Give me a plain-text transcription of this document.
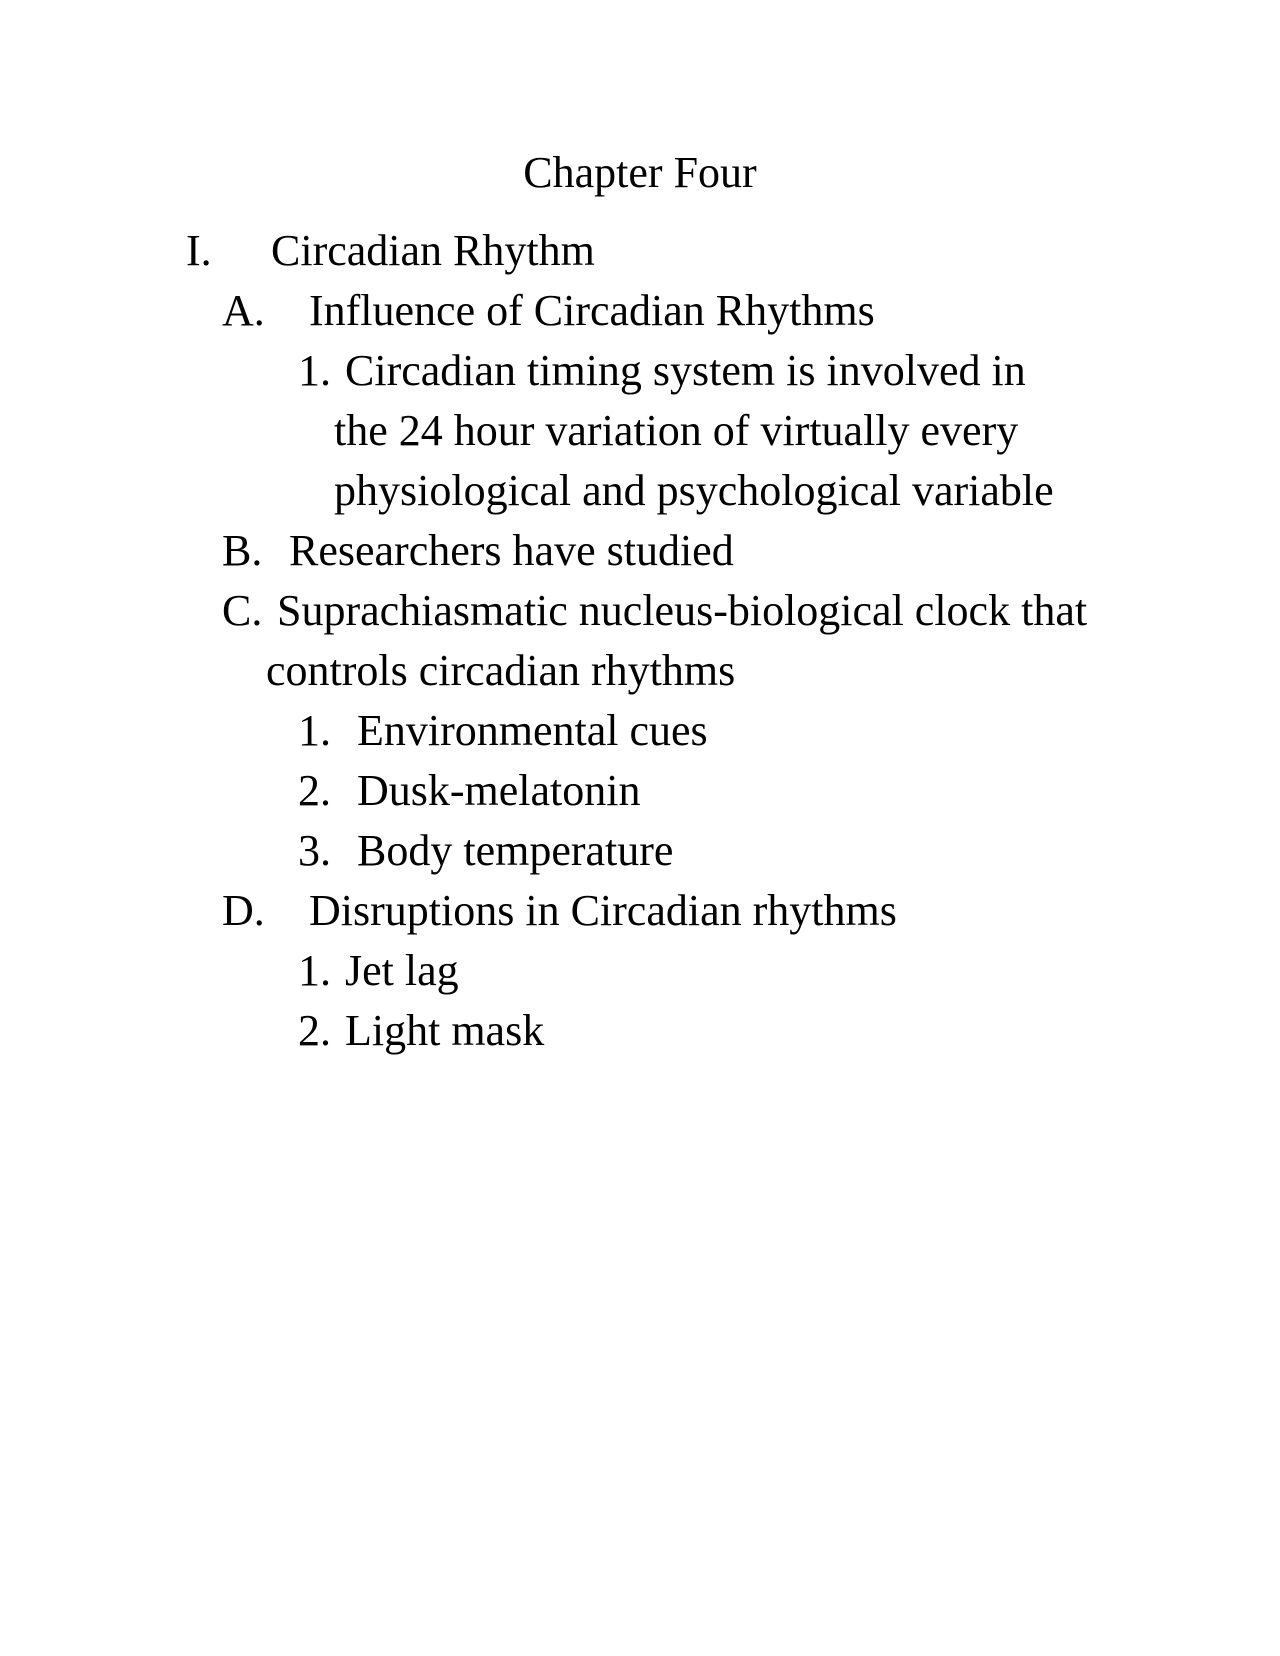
Chapter Four
I. Circadian Rhythm
A. Influence of Circadian Rhythms
1. Circadian timing system is involved in
the 24 hour variation of virtually every
physiological and psychological variable
B. Researchers have studied
C. Suprachiasmatic nucleus-biological clock that
controls circadian rhythms
1. Environmental cues
2. Dusk-melatonin
3. Body temperature
D. Disruptions in Circadian rhythms
1. Jet lag
2. Light mask
